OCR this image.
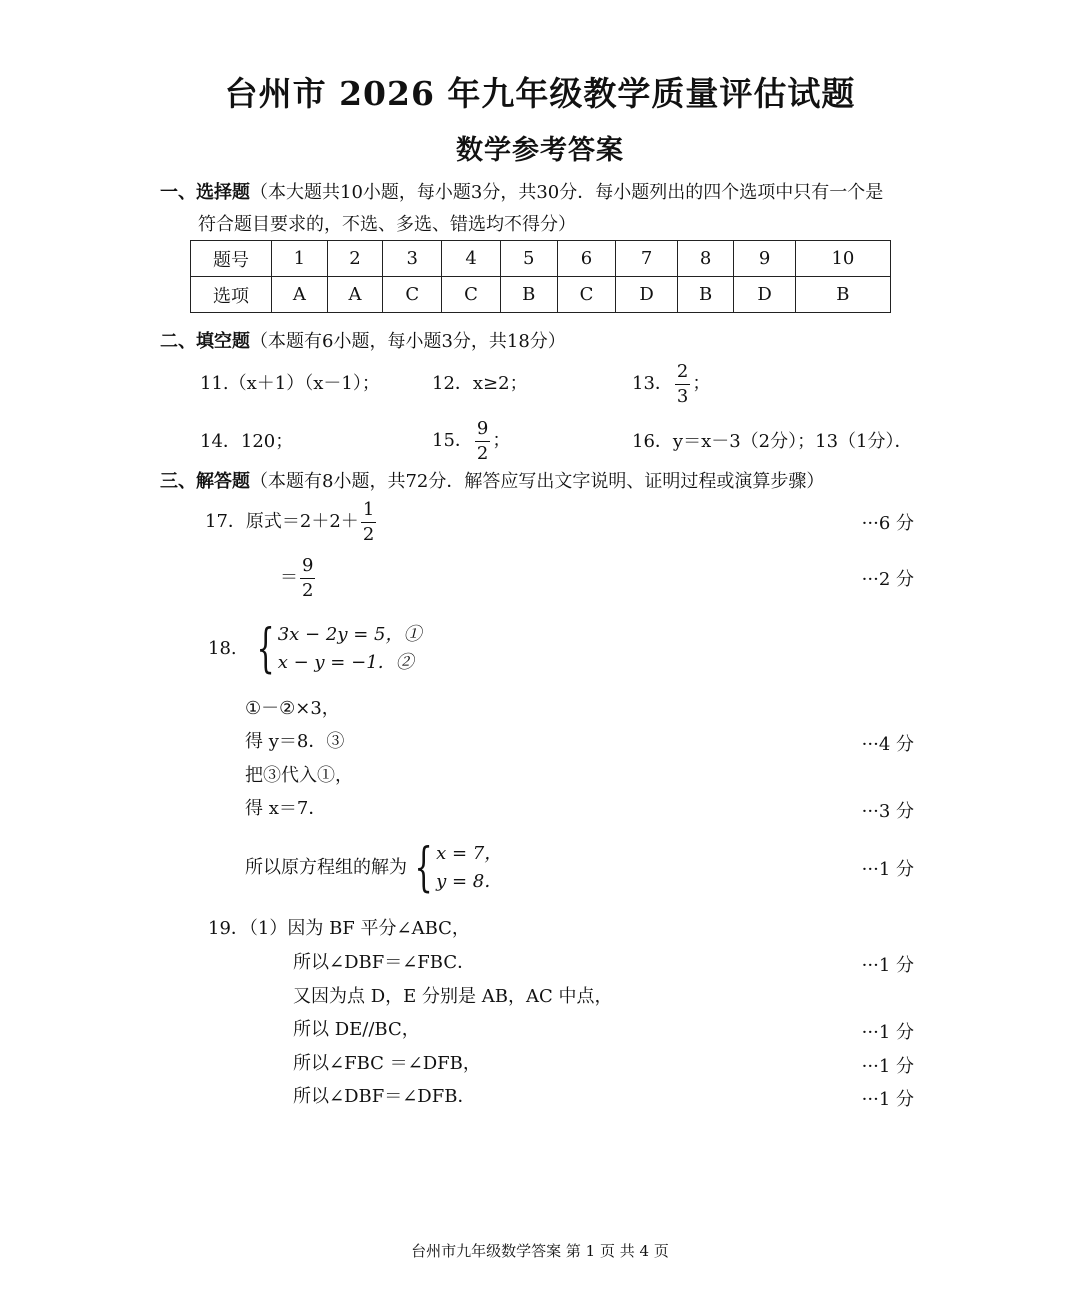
台州市 2026 年九年级教学质量评估试题
数学参考答案
一、选择题（本大题共10小题，每小题3分，共30分．每小题列出的四个选项中只有一个是
符合题目要求的，不选、多选、错选均不得分）
题号	1	2	3	4	5	6	7	8	9	10
选项	A	A	C	C	B	C	D	B	D	B
二、填空题（本题有6小题，每小题3分，共18分）
11.（x＋1）（x－1）；	12．x≥2；	13． $\frac{2}{3}$ ；
14．120；	15． $\frac{9}{2}$ ；	16．y＝x－3（2分）；13（1分）．
三、解答题（本题有8小题，共72分．解答应写出文字说明、证明过程或演算步骤）
17．原式$=2+2+ \frac{1}{2}$	···6 分
＝ $\frac{9}{2}$	···2 分
18. { 3x − 2y = 5，①
x − y = −1．②
①－②×3，
得 y＝8．③	···4 分
把③代入①，
得 x＝7．	···3 分
所以原方程组的解为 { x = 7，
y = 8．
···1 分
19．（1）因为 BF 平分∠ABC，
所以∠DBF＝∠FBC．	···1 分
又因为点 D，E 分别是 AB，AC 中点，
所以 DE//BC，	···1 分
所以∠FBC ＝∠DFB，	···1 分
所以∠DBF＝∠DFB．	···1 分
台州市九年级数学答案 第 1 页 共 4 页
